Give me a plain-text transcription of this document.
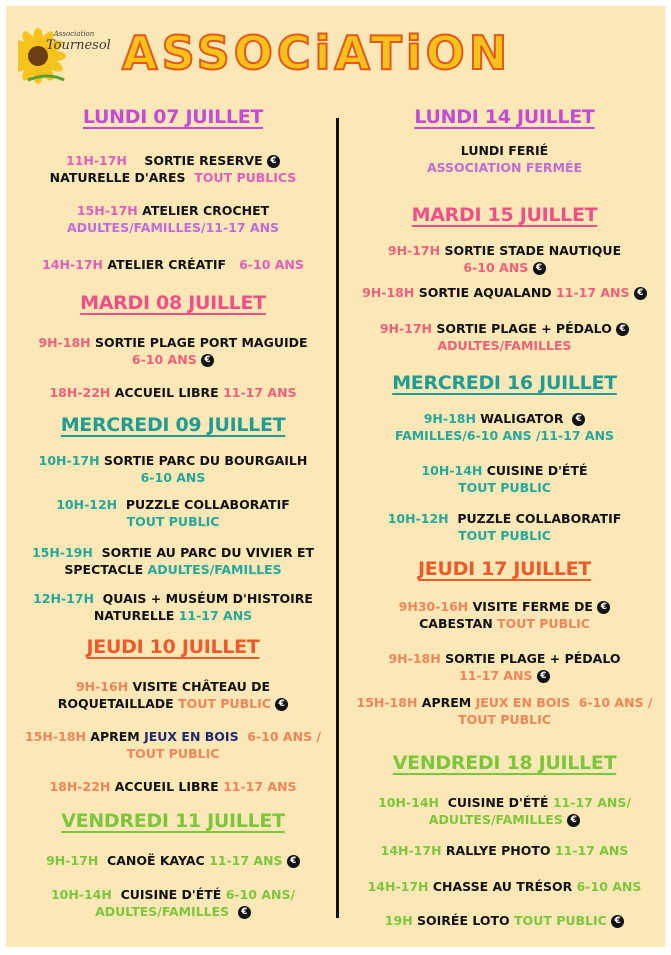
Association
Tournesol ASSOCiATiON
LUNDI 07 JUILLET
11H-17H SORTIE RESERVE €
NATURELLE D'ARES TOUT PUBLICS
15H-17H ATELIER CROCHET
ADULTES/FAMILLES/11-17 ANS
14H-17H ATELIER CRÉATIF 6-10 ANS
MARDI 08 JUILLET
9H-18H SORTIE PLAGE PORT MAGUIDE
6-10 ANS €
18H-22H ACCUEIL LIBRE 11-17 ANS
MERCREDI 09 JUILLET
10H-17H SORTIE PARC DU BOURGAILH
6-10 ANS
10H-12H PUZZLE COLLABORATIF
TOUT PUBLIC
15H-19H SORTIE AU PARC DU VIVIER ET
SPECTACLE ADULTES/FAMILLES
12H-17H QUAIS + MUSÉUM D'HISTOIRE
NATURELLE 11-17 ANS
JEUDI 10 JUILLET
9H-16H VISITE CHÂTEAU DE
ROQUETAILLADE TOUT PUBLIC €
15H-18H APREM JEUX EN BOIS 6-10 ANS /
TOUT PUBLIC
18H-22H ACCUEIL LIBRE 11-17 ANS
VENDREDI 11 JUILLET
9H-17H CANOË KAYAC 11-17 ANS €
10H-14H CUISINE D'ÉTÉ 6-10 ANS/
ADULTES/FAMILLES €
LUNDI 14 JUILLET
LUNDI FERIÉ
ASSOCIATION FERMÉE
MARDI 15 JUILLET
9H-17H SORTIE STADE NAUTIQUE
6-10 ANS €
9H-18H SORTIE AQUALAND 11-17 ANS €
9H-17H SORTIE PLAGE + PÉDALO €
ADULTES/FAMILLES
MERCREDI 16 JUILLET
9H-18H WALIGATOR €
FAMILLES/6-10 ANS /11-17 ANS
10H-14H CUISINE D'ÉTÉ
TOUT PUBLIC
10H-12H PUZZLE COLLABORATIF
TOUT PUBLIC
JEUDI 17 JUILLET
9H30-16H VISITE FERME DE €
CABESTAN TOUT PUBLIC
9H-18H SORTIE PLAGE + PÉDALO
11-17 ANS €
15H-18H APREM JEUX EN BOIS 6-10 ANS /
TOUT PUBLIC
VENDREDI 18 JUILLET
10H-14H CUISINE D'ÉTÉ 11-17 ANS/
ADULTES/FAMILLES €
14H-17H RALLYE PHOTO 11-17 ANS
14H-17H CHASSE AU TRÉSOR 6-10 ANS
19H SOIRÉE LOTO TOUT PUBLIC €
